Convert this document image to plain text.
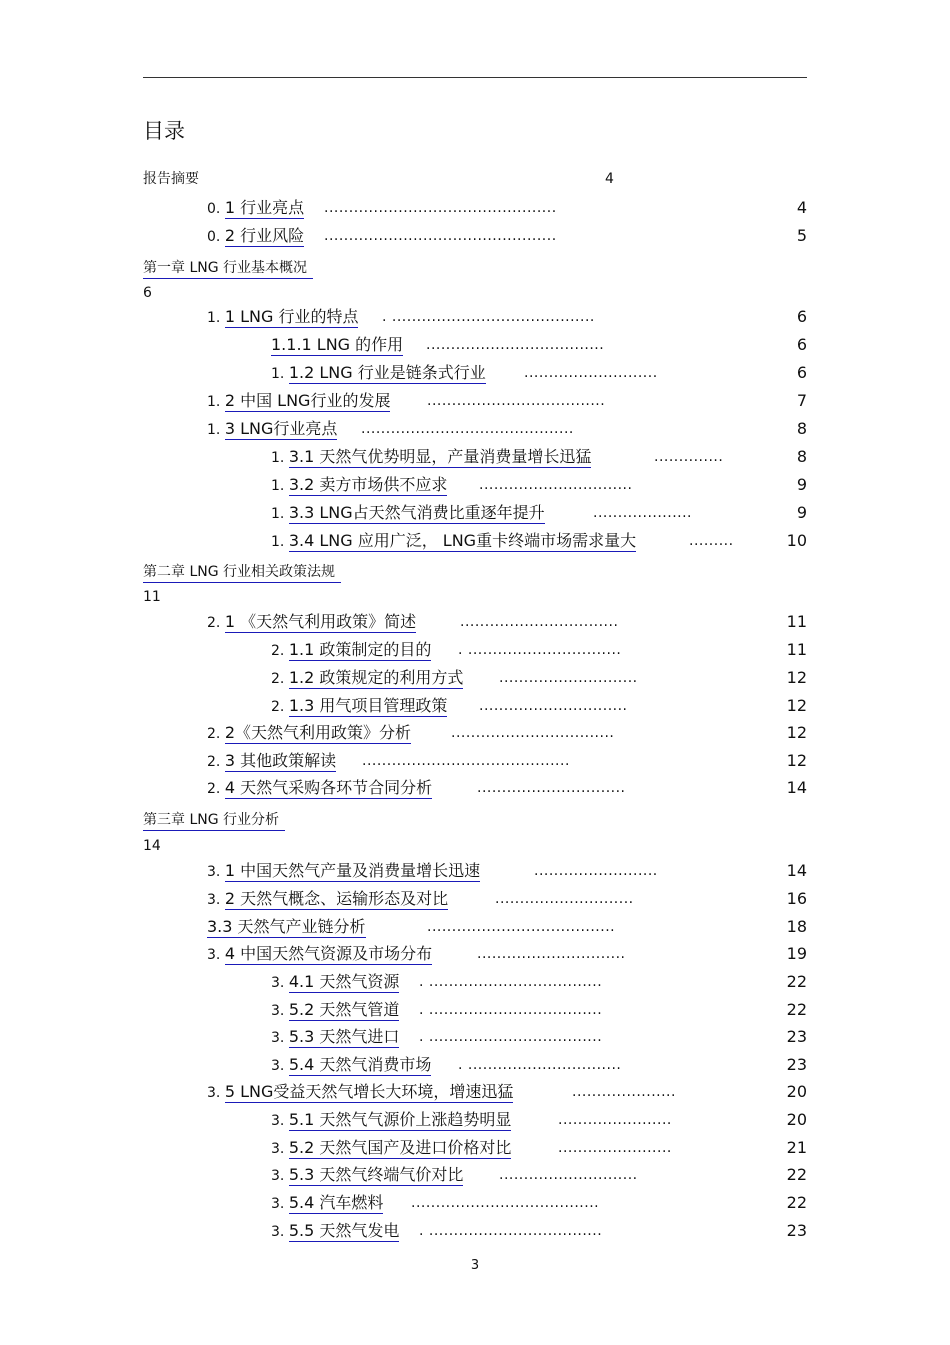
目录
报告摘要	4
0. 1 行业亮点 ...............................................	4
0. 2 行业风险 ...............................................	5
第一章 LNG 行业基本概况
6
1. 1 LNG 行业的特点 . .........................................	6
1.1.1 LNG 的作用 ....................................	6
1. 1.2 LNG 行业是链条式行业	...........................	6
1. 2 中国 LNG行业的发展	....................................	7
1. 3 LNG行业亮点 ...........................................	8
1. 3.1 天然气优势明显，产量消费量增长迅猛	..............	8
1. 3.2 卖方市场供不应求 ...............................	9
1. 3.3 LNG占天然气消费比重逐年提升	....................	9
1. 3.4 LNG 应用广泛， LNG重卡终端市场需求量大	.........	10
第二章 LNG 行业相关政策法规
11
2. 1 《天然气利用政策》简述	................................	11
2. 1.1 政策制定的目的 . ...............................	11
2. 1.2 政策规定的利用方式	............................	12
2. 1.3 用气项目管理政策 ..............................	12
2. 2《天然气利用政策》分析	.................................	12
2. 3 其他政策解读 ..........................................	12
2. 4 天然气采购各环节合同分析	..............................	14
第三章 LNG 行业分析
14
3. 1 中国天然气产量及消费量增长迅速	.........................	14
3. 2 天然气概念、运输形态及对比	............................	16
3.3 天然气产业链分析	......................................	18
3. 4 中国天然气资源及市场分布	..............................	19
3. 4.1 天然气资源 . ...................................	22
3. 5.2 天然气管道 . ...................................	22
3. 5.3 天然气进口 . ...................................	23
3. 5.4 天然气消费市场 . ...............................	23
3. 5 LNG受益天然气增长大环境，增速迅猛	.....................	20
3. 5.1 天然气气源价上涨趋势明显	.......................	20
3. 5.2 天然气国产及进口价格对比	.......................	21
3. 5.3 天然气终端气价对比	............................	22
3. 5.4 汽车燃料 ......................................	22
3. 5.5 天然气发电 . ...................................	23
3
